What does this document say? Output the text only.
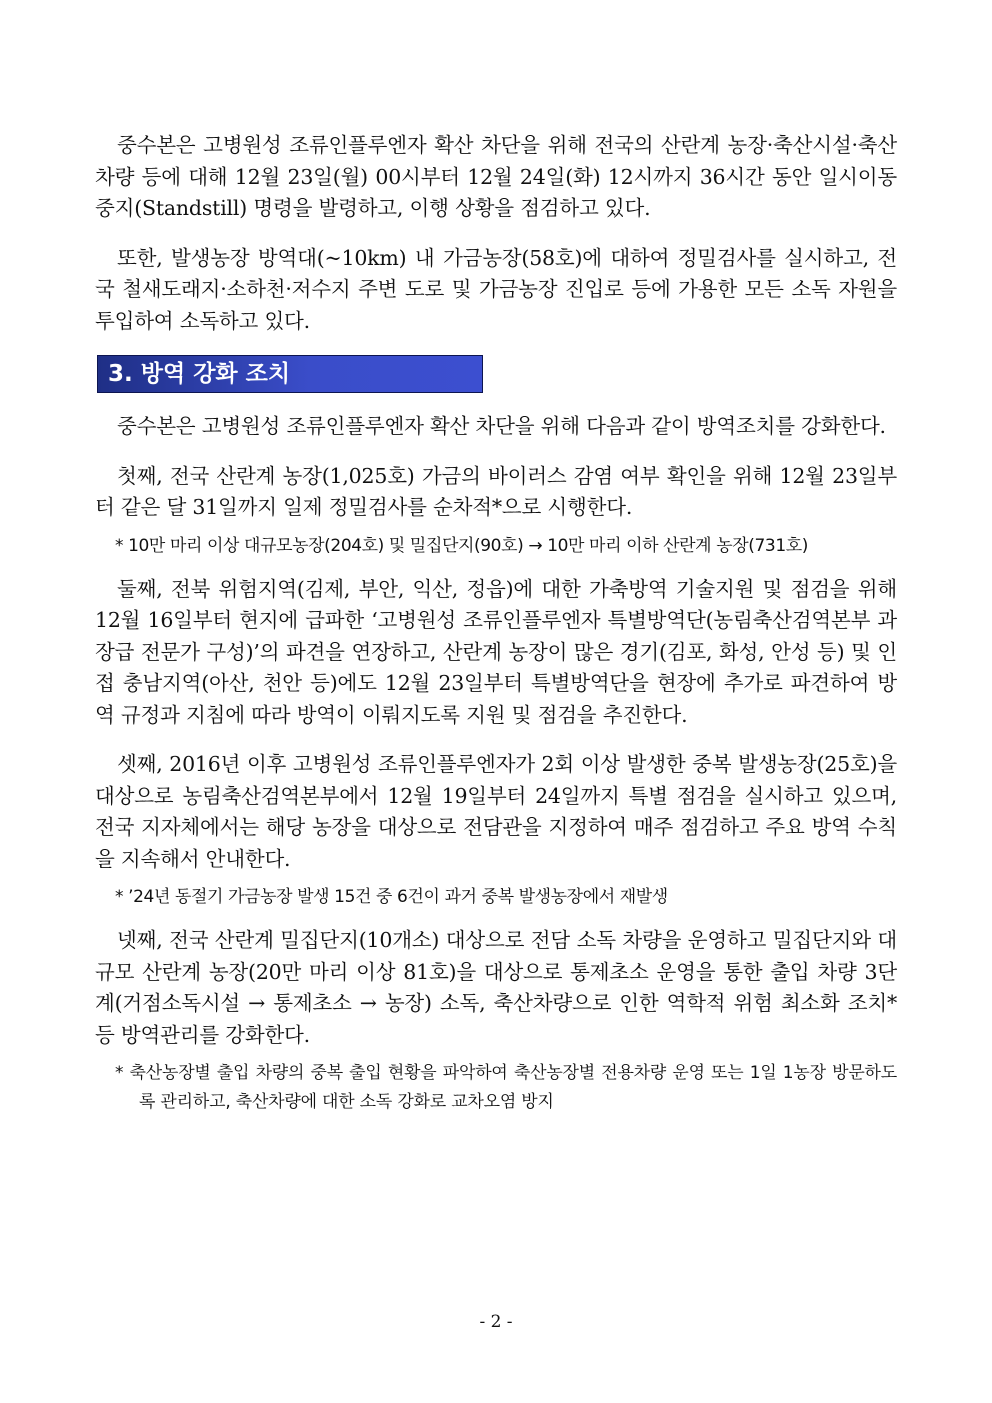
중수본은 고병원성 조류인플루엔자 확산 차단을 위해 전국의 산란계 농장·축산시설·축산차량 등에 대해 12월 23일(월) 00시부터 12월 24일(화) 12시까지 36시간 동안 일시이동중지(Standstill) 명령을 발령하고, 이행 상황을 점검하고 있다.

또한, 발생농장 방역대(~10km) 내 가금농장(58호)에 대하여 정밀검사를 실시하고, 전국 철새도래지·소하천·저수지 주변 도로 및 가금농장 진입로 등에 가용한 모든 소독 자원을 투입하여 소독하고 있다.

3. 방역 강화 조치

중수본은 고병원성 조류인플루엔자 확산 차단을 위해 다음과 같이 방역조치를 강화한다.

첫째, 전국 산란계 농장(1,025호) 가금의 바이러스 감염 여부 확인을 위해 12월 23일부터 같은 달 31일까지 일제 정밀검사를 순차적*으로 시행한다.

* 10만 마리 이상 대규모농장(204호) 및 밀집단지(90호) → 10만 마리 이하 산란계 농장(731호)

둘째, 전북 위험지역(김제, 부안, 익산, 정읍)에 대한 가축방역 기술지원 및 점검을 위해 12월 16일부터 현지에 급파한 ‘고병원성 조류인플루엔자 특별방역단(농림축산검역본부 과장급 전문가 구성)’의 파견을 연장하고, 산란계 농장이 많은 경기(김포, 화성, 안성 등) 및 인접 충남지역(아산, 천안 등)에도 12월 23일부터 특별방역단을 현장에 추가로 파견하여 방역 규정과 지침에 따라 방역이 이뤄지도록 지원 및 점검을 추진한다.

셋째, 2016년 이후 고병원성 조류인플루엔자가 2회 이상 발생한 중복 발생농장(25호)을 대상으로 농림축산검역본부에서 12월 19일부터 24일까지 특별 점검을 실시하고 있으며, 전국 지자체에서는 해당 농장을 대상으로 전담관을 지정하여 매주 점검하고 주요 방역 수칙을 지속해서 안내한다.

* ’24년 동절기 가금농장 발생 15건 중 6건이 과거 중복 발생농장에서 재발생

넷째, 전국 산란계 밀집단지(10개소) 대상으로 전담 소독 차량을 운영하고 밀집단지와 대규모 산란계 농장(20만 마리 이상 81호)을 대상으로 통제초소 운영을 통한 출입 차량 3단계(거점소독시설 → 통제초소 → 농장) 소독, 축산차량으로 인한 역학적 위험 최소화 조치* 등 방역관리를 강화한다.

* 축산농장별 출입 차량의 중복 출입 현황을 파악하여 축산농장별 전용차량 운영 또는 1일 1농장 방문하도록 관리하고, 축산차량에 대한 소독 강화로 교차오염 방지

- 2 -
